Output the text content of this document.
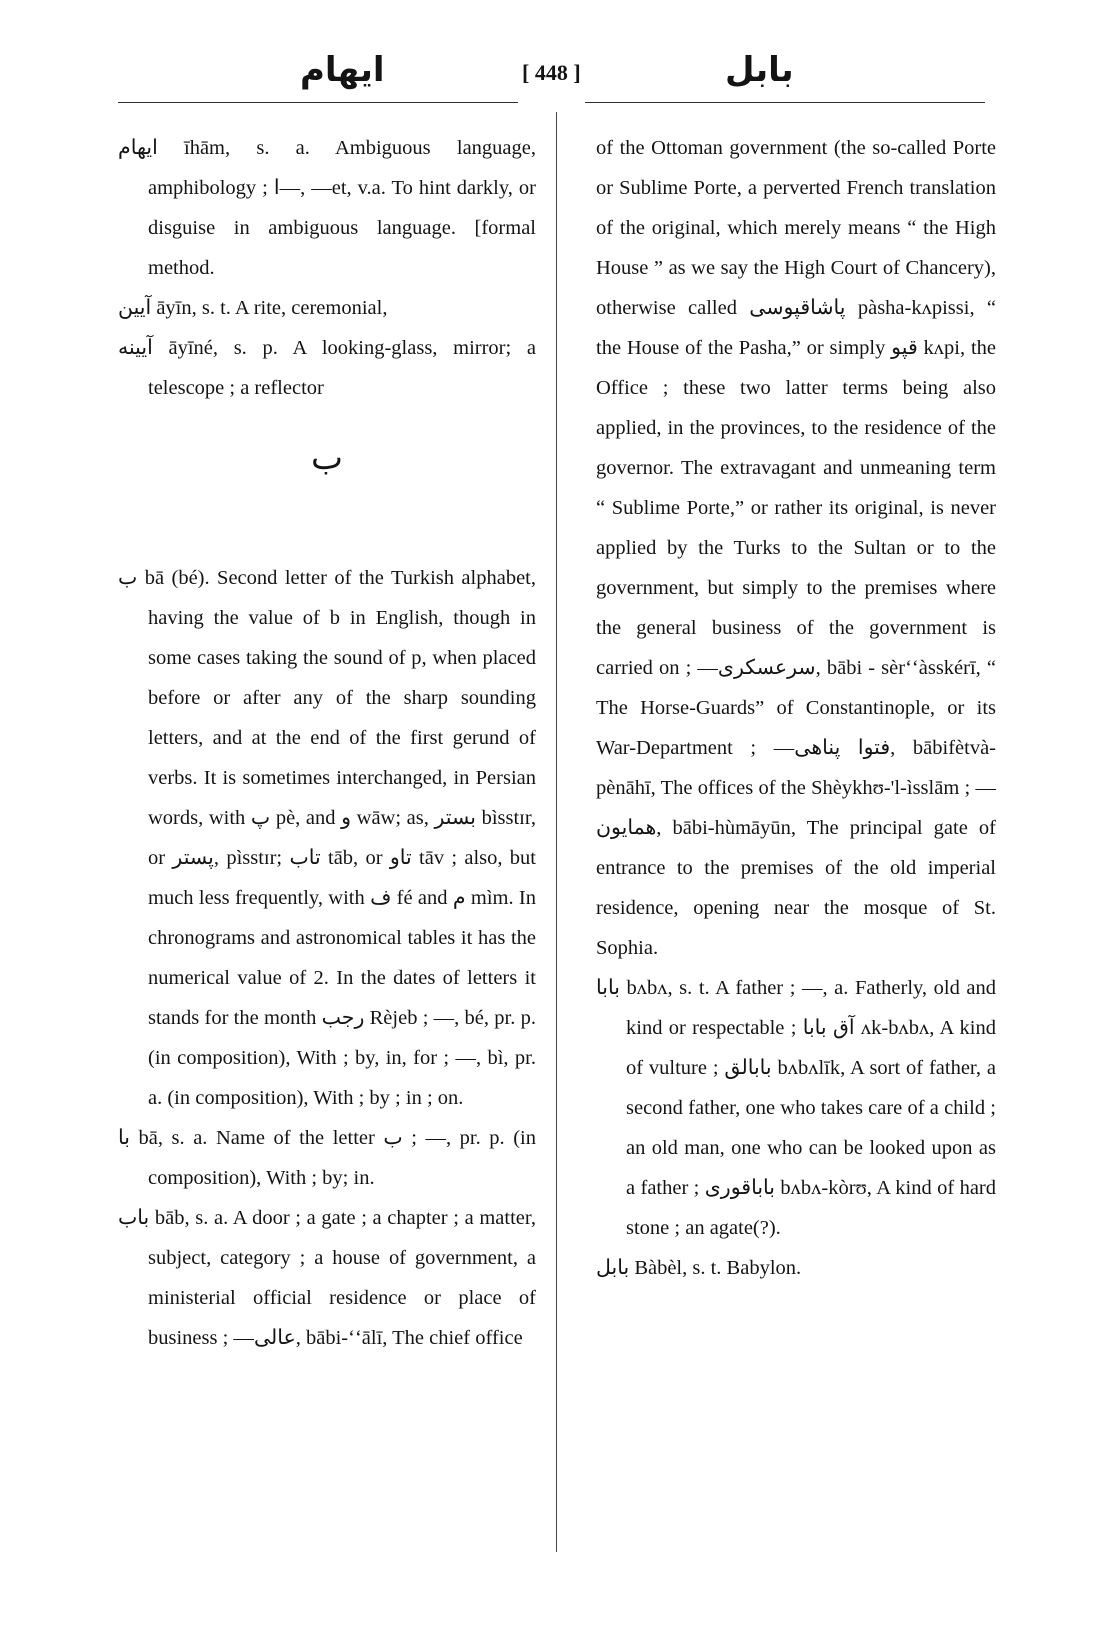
ایهام	[ 448 ]	بابل

ایهام īhām, s. a. Ambiguous language, amphibology ; ا—, —et, v.a. To hint darkly, or disguise in ambiguous language. [formal method.

آیین āyīn, s. t. A rite, ceremonial,

آیینه āyīné, s. p. A looking-glass, mirror; a telescope ; a reflector

ب

ب bā (bé). Second letter of the Turkish alphabet, having the value of b in English, though in some cases taking the sound of p, when placed before or after any of the sharp sounding letters, and at the end of the first gerund of verbs. It is sometimes interchanged, in Persian words, with پ pè, and و wāw; as, بستر bìsstɪr, or پستر, pìsstɪr; تاب tāb, or تاو tāv ; also, but much less frequently, with ف fé and م mìm. In chronograms and astronomical tables it has the numerical value of 2. In the dates of letters it stands for the month رجب Rèjeb ; —, bé, pr. p. (in composition), With ; by, in, for ; —, bì, pr. a. (in composition), With ; by ; in ; on.

با bā, s. a. Name of the letter ب ; —, pr. p. (in composition), With ; by; in.

باب bāb, s. a. A door ; a gate ; a chapter ; a matter, subject, category ; a house of government, a ministerial official residence or place of business ; —عالی, bābi-ʻʻālī, The chief office

of the Ottoman government (the so-called Porte or Sublime Porte, a perverted French translation of the original, which merely means “ the High House ” as we say the High Court of Chancery), otherwise called پاشاقپوسی pàsha-kʌpissi, “ the House of the Pasha,” or simply قپو kʌpi, the Office ; these two latter terms being also applied, in the provinces, to the residence of the governor. The extravagant and unmeaning term “ Sublime Porte,” or rather its original, is never applied by the Turks to the Sultan or to the government, but simply to the premises where the general business of the government is carried on ; —سرعسکری, bābi - sèrʻʻàsskérī, “ The Horse-Guards” of Constantinople, or its War-Department ; —فتوا پناهی, bābifètvà-pènāhī, The offices of the Shèykhʊ-'l-ìsslām ; —همایون, bābi-hùmāyūn, The principal gate of entrance to the premises of the old imperial residence, opening near the mosque of St. Sophia.

بابا bʌbʌ, s. t. A father ; —, a. Fatherly, old and kind or respectable ; آق بابا ʌk-bʌbʌ, A kind of vulture ; بابالق bʌbʌlīk, A sort of father, a second father, one who takes care of a child ; an old man, one who can be looked upon as a father ; باباقوری bʌbʌ-kòrʊ, A kind of hard stone ; an agate(?).

بابل Bàbèl, s. t. Babylon.
